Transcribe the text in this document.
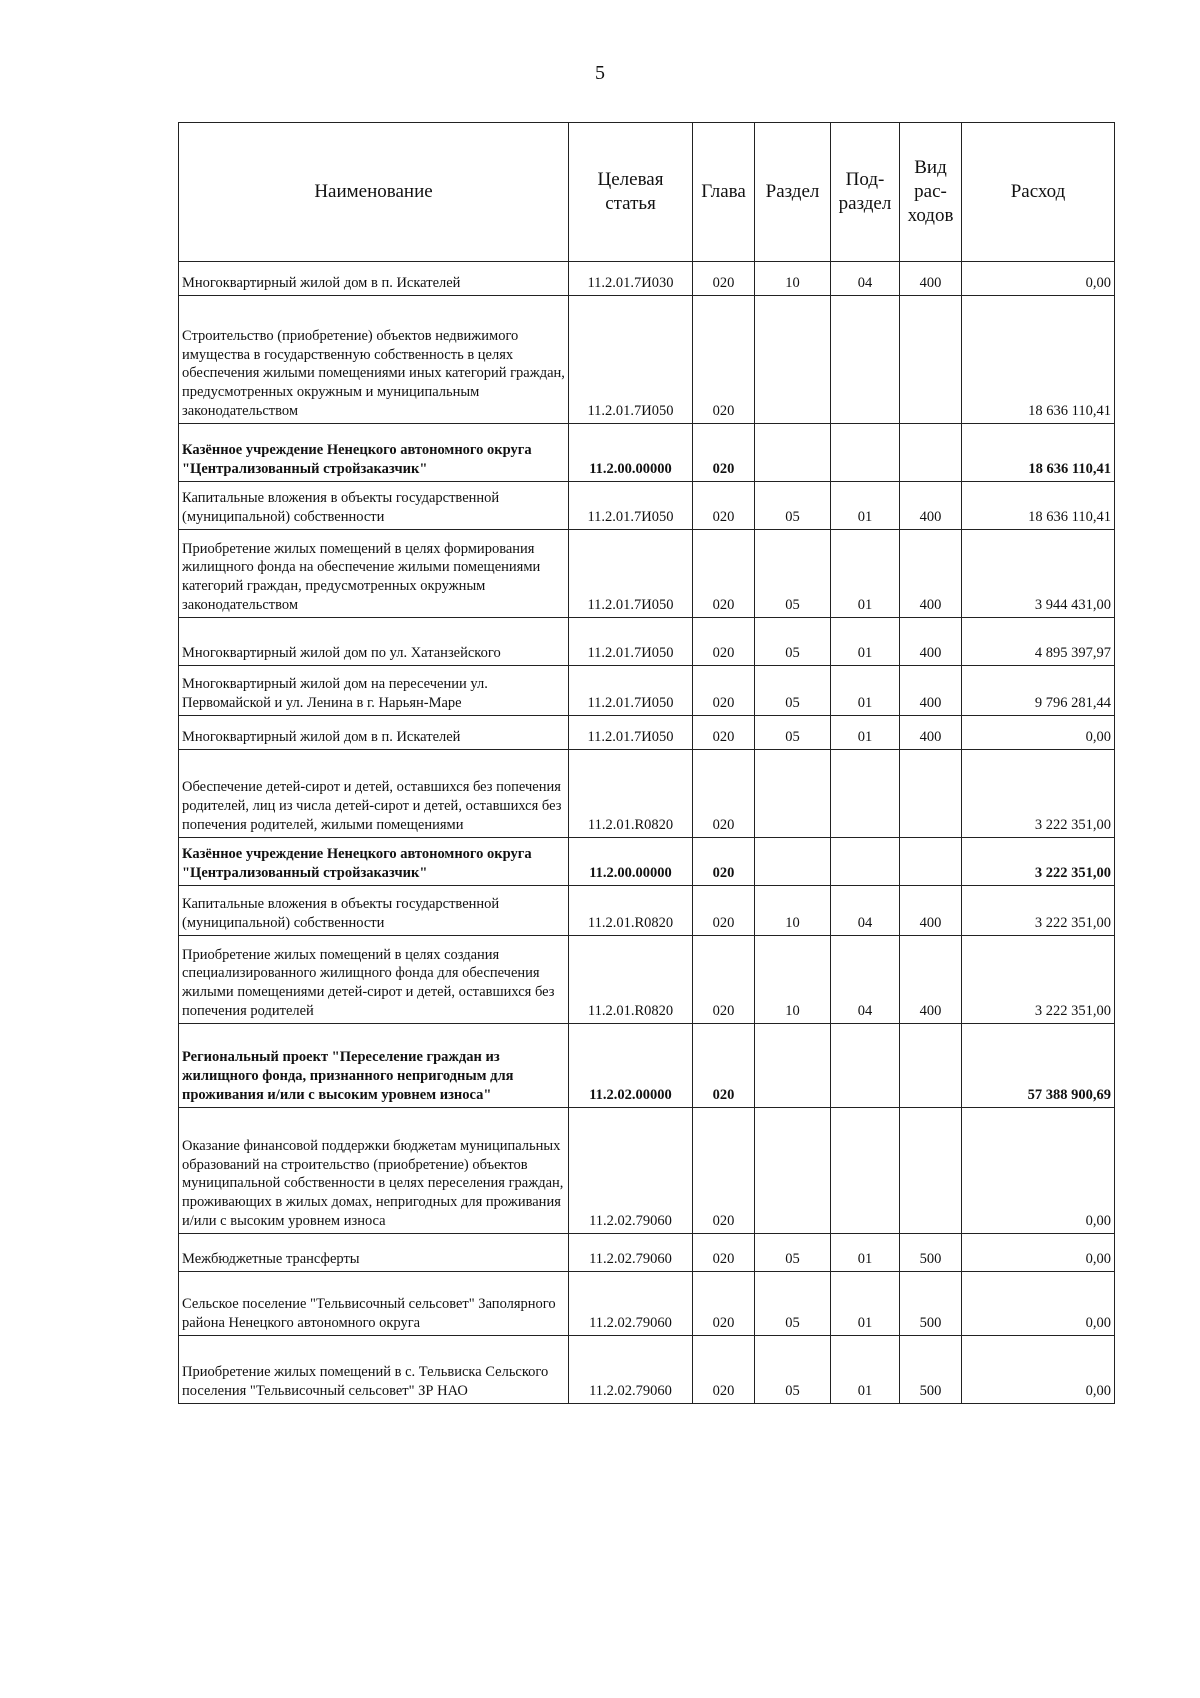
5
Наименование	Целевая статья	Глава	Раздел	Под-раздел	Вид рас-ходов	Расход
Многоквартирный жилой дом в п. Искателей	11.2.01.7И030	020	10	04	400	0,00
Строительство (приобретение) объектов недвижимого имущества в государственную собственность в целях обеспечения жилыми помещениями иных категорий граждан, предусмотренных окружным и муниципальным законодательством	11.2.01.7И050	020				18 636 110,41
Казённое учреждение Ненецкого автономного округа "Централизованный стройзаказчик"	11.2.00.00000	020				18 636 110,41
Капитальные вложения в объекты государственной (муниципальной) собственности	11.2.01.7И050	020	05	01	400	18 636 110,41
Приобретение жилых помещений в целях формирования жилищного фонда на обеспечение жилыми помещениями категорий граждан, предусмотренных окружным законодательством	11.2.01.7И050	020	05	01	400	3 944 431,00
Многоквартирный жилой дом по ул. Хатанзейского	11.2.01.7И050	020	05	01	400	4 895 397,97
Многоквартирный жилой дом на пересечении ул. Первомайской и ул. Ленина в г. Нарьян-Маре	11.2.01.7И050	020	05	01	400	9 796 281,44
Многоквартирный жилой дом в п. Искателей	11.2.01.7И050	020	05	01	400	0,00
Обеспечение детей-сирот и детей, оставшихся без попечения родителей, лиц из числа детей-сирот и детей, оставшихся без попечения родителей, жилыми помещениями	11.2.01.R0820	020				3 222 351,00
Казённое учреждение Ненецкого автономного округа "Централизованный стройзаказчик"	11.2.00.00000	020				3 222 351,00
Капитальные вложения в объекты государственной (муниципальной) собственности	11.2.01.R0820	020	10	04	400	3 222 351,00
Приобретение жилых помещений в целях создания специализированного жилищного фонда для обеспечения жилыми помещениями детей-сирот и детей, оставшихся без попечения родителей	11.2.01.R0820	020	10	04	400	3 222 351,00
Региональный проект "Переселение граждан из жилищного фонда, признанного непригодным для проживания и/или с высоким уровнем износа"	11.2.02.00000	020				57 388 900,69
Оказание финансовой поддержки бюджетам муниципальных образований на строительство (приобретение) объектов муниципальной собственности в целях переселения граждан, проживающих в жилых домах, непригодных для проживания и/или с высоким уровнем износа	11.2.02.79060	020				0,00
Межбюджетные трансферты	11.2.02.79060	020	05	01	500	0,00
Сельское поселение "Тельвисочный сельсовет" Заполярного района Ненецкого автономного округа	11.2.02.79060	020	05	01	500	0,00
Приобретение жилых помещений в с. Тельвиска Сельского поселения "Тельвисочный сельсовет" ЗР НАО	11.2.02.79060	020	05	01	500	0,00
